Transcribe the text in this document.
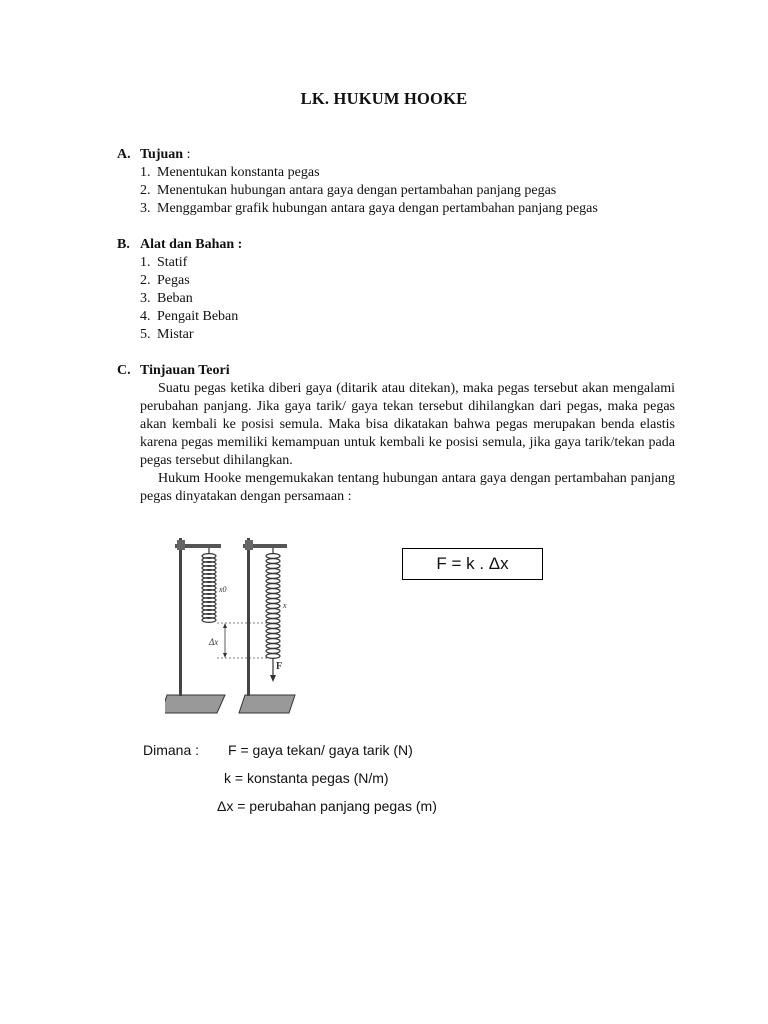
LK. HUKUM HOOKE
A. Tujuan :
1. Menentukan konstanta pegas
2. Menentukan hubungan antara gaya dengan pertambahan panjang pegas
3. Menggambar grafik hubungan antara gaya dengan pertambahan panjang pegas
B. Alat dan Bahan :
1. Statif
2. Pegas
3. Beban
4. Pengait Beban
5. Mistar
C. Tinjauan Teori

Suatu pegas ketika diberi gaya (ditarik atau ditekan), maka pegas tersebut akan mengalami perubahan panjang. Jika gaya tarik/ gaya tekan tersebut dihilangkan dari pegas, maka pegas akan kembali ke posisi semula. Maka bisa dikatakan bahwa pegas merupakan benda elastis karena pegas memiliki kemampuan untuk kembali ke posisi semula, jika gaya tarik/tekan pada pegas tersebut dihilangkan.

Hukum Hooke mengemukakan tentang hubungan antara gaya dengan pertambahan panjang pegas dinyatakan dengan persamaan :

x0
Δx
x
F
F = k . Δx
Dimana : F = gaya tekan/ gaya tarik (N)
k = konstanta pegas (N/m)
Δx = perubahan panjang pegas (m)
